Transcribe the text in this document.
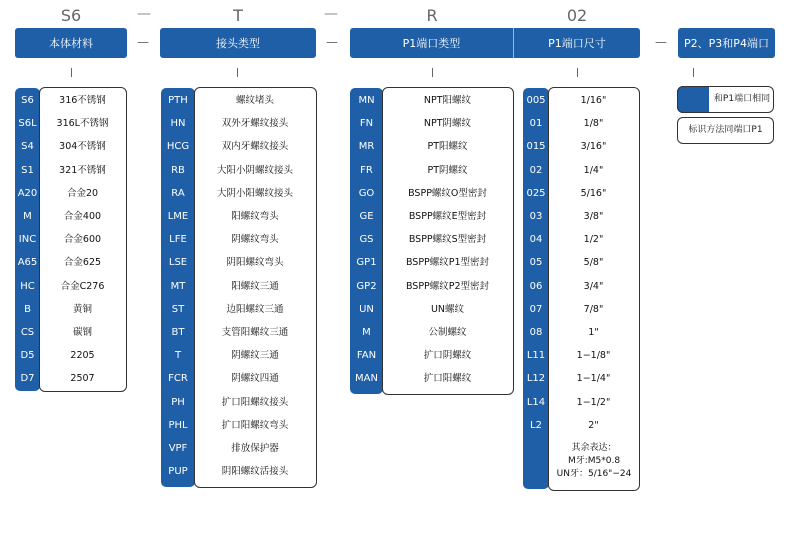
S6	—	T	—	R	02
本体材料	—	接头类型	—	P1端口类型	P1端口尺寸	— P2、P3和P4端口
S6	316不锈钢
S6L	316L不锈钢
S4	304不锈钢
S1	321不锈钢
A20	合金20
M	合金400
INC	合金600
A65	合金625
HC	合金C276
B	黄铜
CS	碳钢
D5	2205
D7	2507
PTH	螺纹堵头
HN	双外牙螺纹接头
HCG	双内牙螺纹接头
RB	大阳小阴螺纹接头
RA	大阴小阳螺纹接头
LME	阳螺纹弯头
LFE	阴螺纹弯头
LSE	阴阳螺纹弯头
MT	阳螺纹三通
ST	边阳螺纹三通
BT	支管阳螺纹三通
T	阴螺纹三通
FCR	阴螺纹四通
PH	扩口阳螺纹接头
PHL	扩口阳螺纹弯头
VPF	排放保护器
PUP	阴阳螺纹活接头
MN	NPT阳螺纹
FN	NPT阴螺纹
MR	PT阳螺纹
FR	PT阴螺纹
GO	BSPP螺纹O型密封
GE	BSPP螺纹E型密封
GS	BSPP螺纹S型密封
GP1	BSPP螺纹P1型密封
GP2	BSPP螺纹P2型密封
UN	UN螺纹
M	公制螺纹
FAN	扩口阴螺纹
MAN	扩口阳螺纹
005	1/16"
01	1/8"
015	3/16"
02	1/4"
025	5/16"
03	3/8"
04	1/2"
05	5/8"
06	3/4"
07	7/8"
08	1"
L11	1−1/8"
L12	1−1/4"
L14	1−1/2"
L2	2"
其余表达：
M牙:M5*0.8
UN牙：5/16"−24
和P1端口相同
标识方法同端口P1
